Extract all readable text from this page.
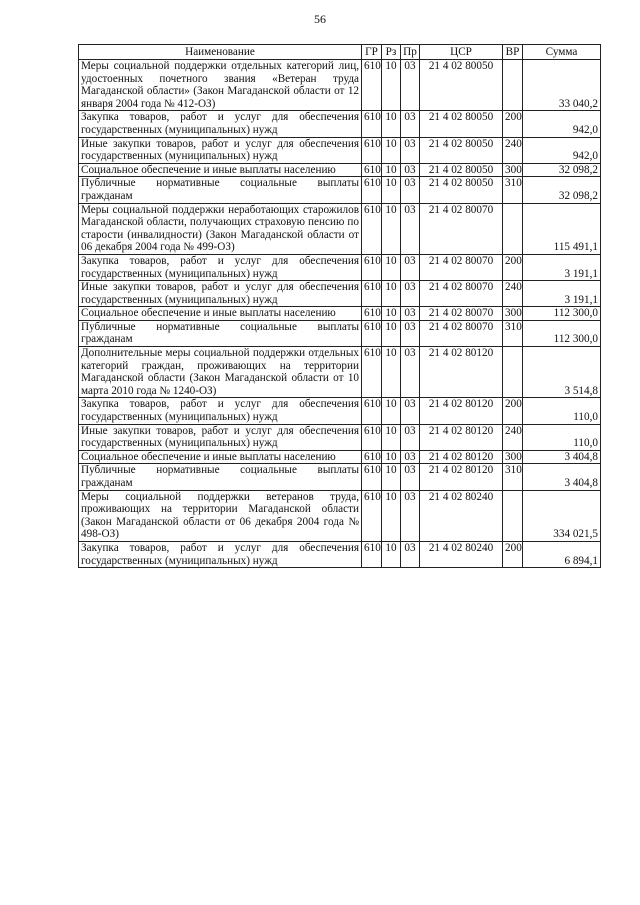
56
Наименование	ГР	Рз	Пр	ЦСР	ВР	Сумма
Меры социальной поддержки отдельных категорий лиц, удостоенных почетного звания «Ветеран труда Магаданской области» (Закон Магаданской области от 12 января 2004 года № 412-ОЗ)	610	10	03	21 4 02 80050		33 040,2
Закупка товаров, работ и услуг для обеспечения государственных (муниципальных) нужд	610	10	03	21 4 02 80050	200	942,0
Иные закупки товаров, работ и услуг для обеспечения государственных (муниципальных) нужд	610	10	03	21 4 02 80050	240	942,0
Социальное обеспечение и иные выплаты населению	610	10	03	21 4 02 80050	300	32 098,2
Публичные нормативные социальные выплаты гражданам	610	10	03	21 4 02 80050	310	32 098,2
Меры социальной поддержки неработающих старожилов Магаданской области, получающих страховую пенсию по старости (инвалидности) (Закон Магаданской области от 06 декабря 2004 года № 499-ОЗ)	610	10	03	21 4 02 80070		115 491,1
Закупка товаров, работ и услуг для обеспечения государственных (муниципальных) нужд	610	10	03	21 4 02 80070	200	3 191,1
Иные закупки товаров, работ и услуг для обеспечения государственных (муниципальных) нужд	610	10	03	21 4 02 80070	240	3 191,1
Социальное обеспечение и иные выплаты населению	610	10	03	21 4 02 80070	300	112 300,0
Публичные нормативные социальные выплаты гражданам	610	10	03	21 4 02 80070	310	112 300,0
Дополнительные меры социальной поддержки отдельных категорий граждан, проживающих на территории Магаданской области (Закон Магаданской области от 10 марта 2010 года № 1240-ОЗ)	610	10	03	21 4 02 80120		3 514,8
Закупка товаров, работ и услуг для обеспечения государственных (муниципальных) нужд	610	10	03	21 4 02 80120	200	110,0
Иные закупки товаров, работ и услуг для обеспечения государственных (муниципальных) нужд	610	10	03	21 4 02 80120	240	110,0
Социальное обеспечение и иные выплаты населению	610	10	03	21 4 02 80120	300	3 404,8
Публичные нормативные социальные выплаты гражданам	610	10	03	21 4 02 80120	310	3 404,8
Меры социальной поддержки ветеранов труда, проживающих на территории Магаданской области (Закон Магаданской области от 06 декабря 2004 года № 498-ОЗ)	610	10	03	21 4 02 80240		334 021,5
Закупка товаров, работ и услуг для обеспечения государственных (муниципальных) нужд	610	10	03	21 4 02 80240	200	6 894,1
